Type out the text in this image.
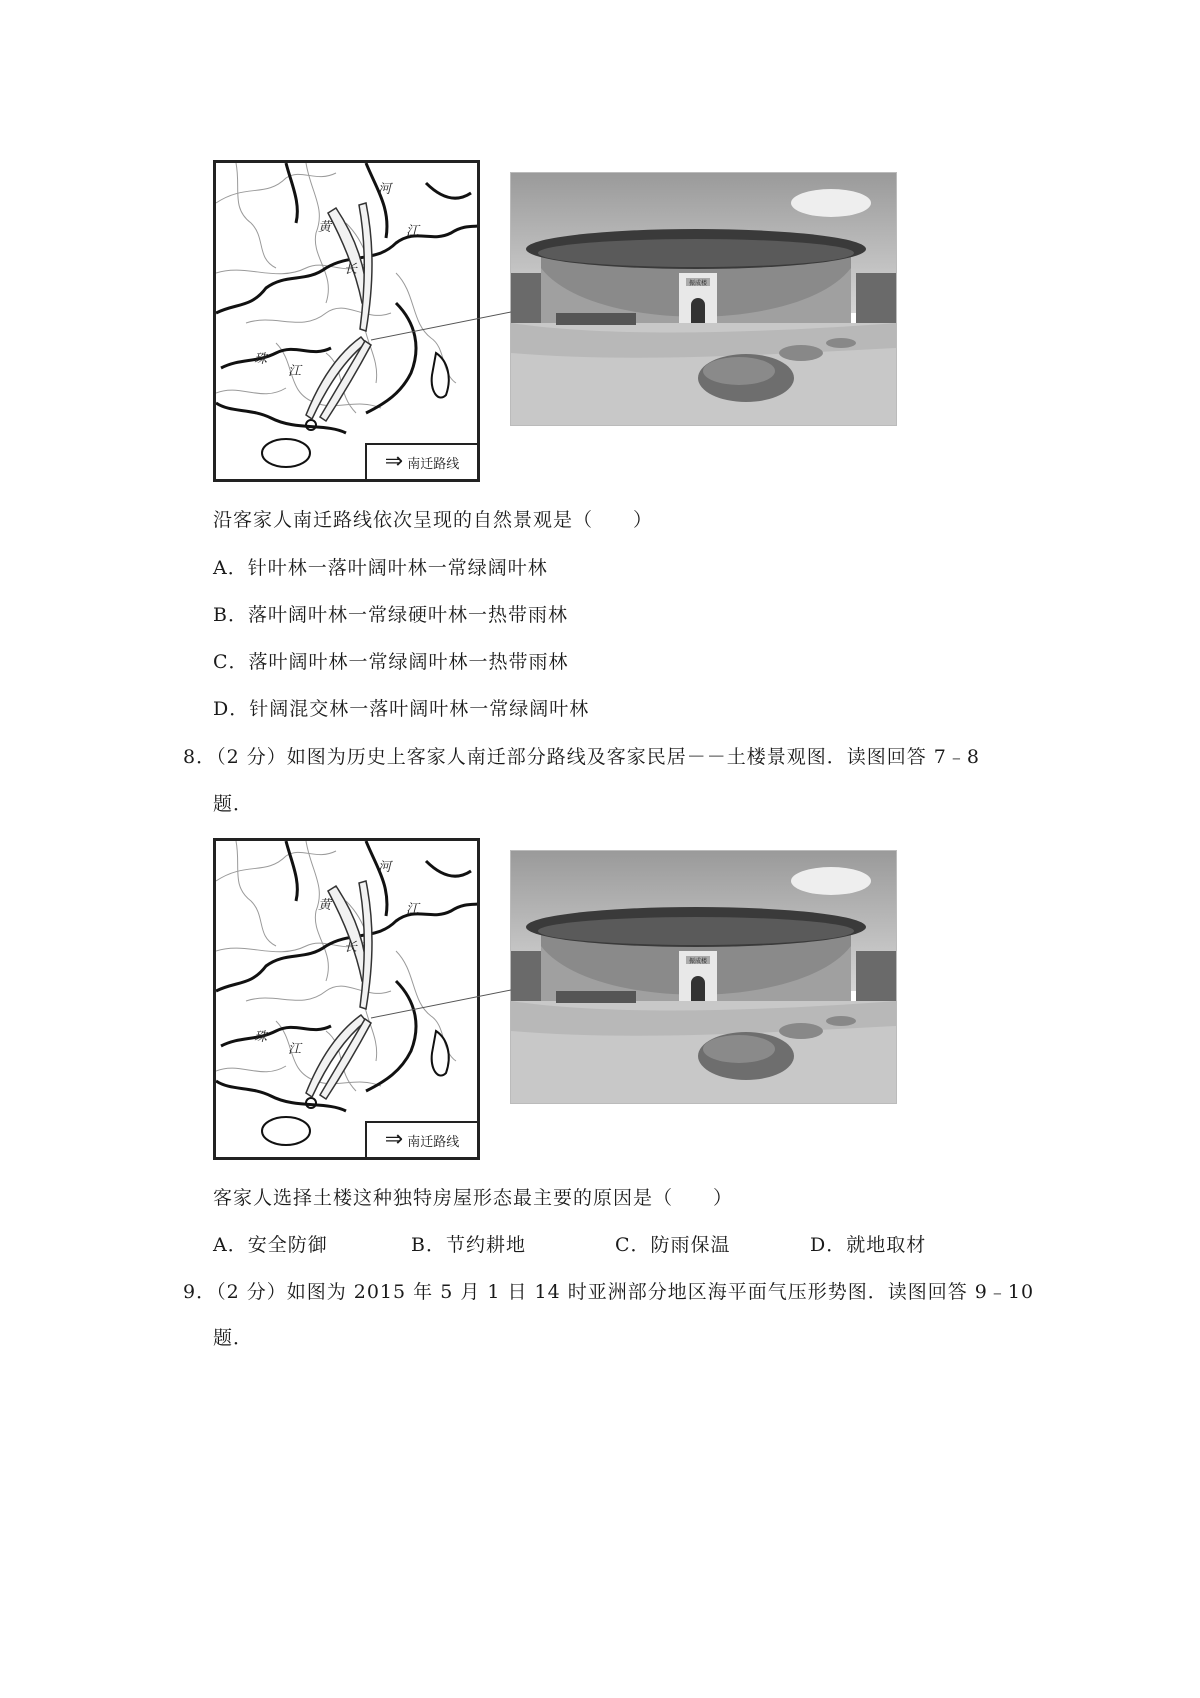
河
黄
长
江
珠
江
⇒ 南迁路线
振成楼
沿客家人南迁路线依次呈现的自然景观是（　　）
A．针叶林一落叶阔叶林一常绿阔叶林
B．落叶阔叶林一常绿硬叶林一热带雨林
C．落叶阔叶林一常绿阔叶林一热带雨林
D．针阔混交林一落叶阔叶林一常绿阔叶林
8．（2 分）如图为历史上客家人南迁部分路线及客家民居－－土楼景观图．读图回答 7﹣8
题．
河
黄
长
江
珠
江
⇒ 南迁路线
振成楼
客家人选择土楼这种独特房屋形态最主要的原因是（　　）
A．安全防御	B．节约耕地	C．防雨保温	D．就地取材
9．（2 分）如图为 2015 年 5 月 1 日 14 时亚洲部分地区海平面气压形势图．读图回答 9﹣10
题．
